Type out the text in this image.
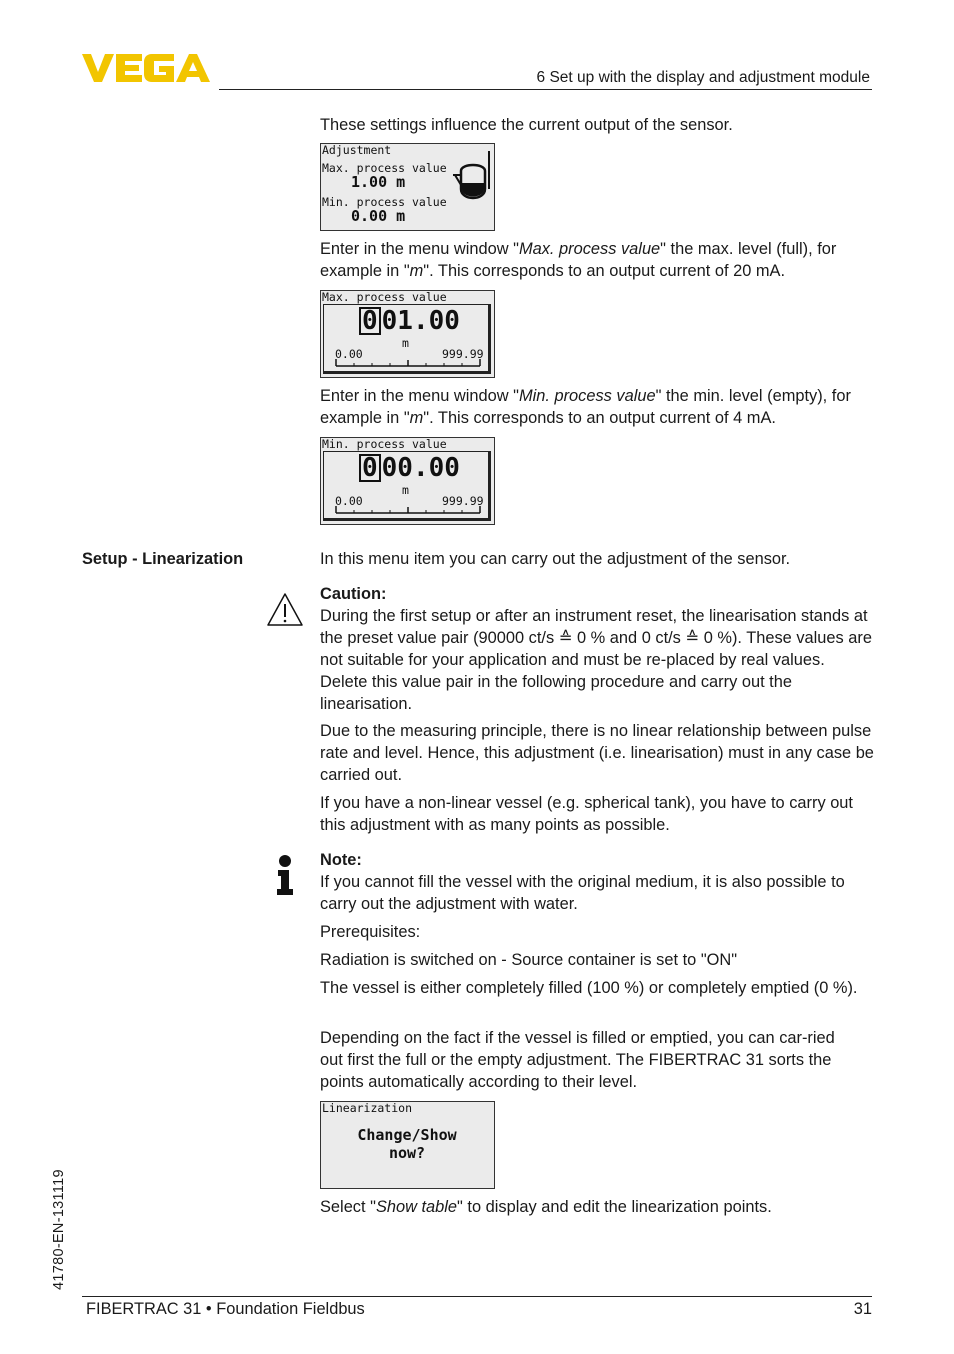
6 Set up with the display and adjustment module
These settings influence the current output of the sensor.
Adjustment
Max. process value
1.00 m
Min. process value
0.00 m
Enter in the menu window "Max. process value" the max. level (full), for example in "m". This corresponds to an output current of 20 mA.
Max. process value
0 01.00
m
0.00	999.99
Enter in the menu window "Min. process value" the min. level (empty), for example in "m". This corresponds to an output current of 4 mA.
Min. process value
0 00.00
m
0.00	999.99
Setup - Linearization	In this menu item you can carry out the adjustment of the sensor.
Caution:
During the first setup or after an instrument reset, the linearisation stands at the preset value pair (90000 ct/s ≙ 0 % and 0 ct/s ≙ 0 %). These values are not suitable for your application and must be re-placed by real values. Delete this value pair in the following procedure and carry out the linearisation.
Due to the measuring principle, there is no linear relationship between pulse rate and level. Hence, this adjustment (i.e. linearisation) must in any case be carried out.
If you have a non-linear vessel (e.g. spherical tank), you have to carry out this adjustment with as many points as possible.
Note:
If you cannot fill the vessel with the original medium, it is also possible to carry out the adjustment with water.
Prerequisites:
Radiation is switched on - Source container is set to "ON"
The vessel is either completely filled (100 %) or completely emptied (0 %).
Depending on the fact if the vessel is filled or emptied, you can car-ried out first the full or the empty adjustment. The FIBERTRAC 31 sorts the points automatically according to their level.
Linearization
Change/Show
now?
Select "Show table" to display and edit the linearization points.
41780-EN-131119
FIBERTRAC 31 • Foundation Fieldbus	31
